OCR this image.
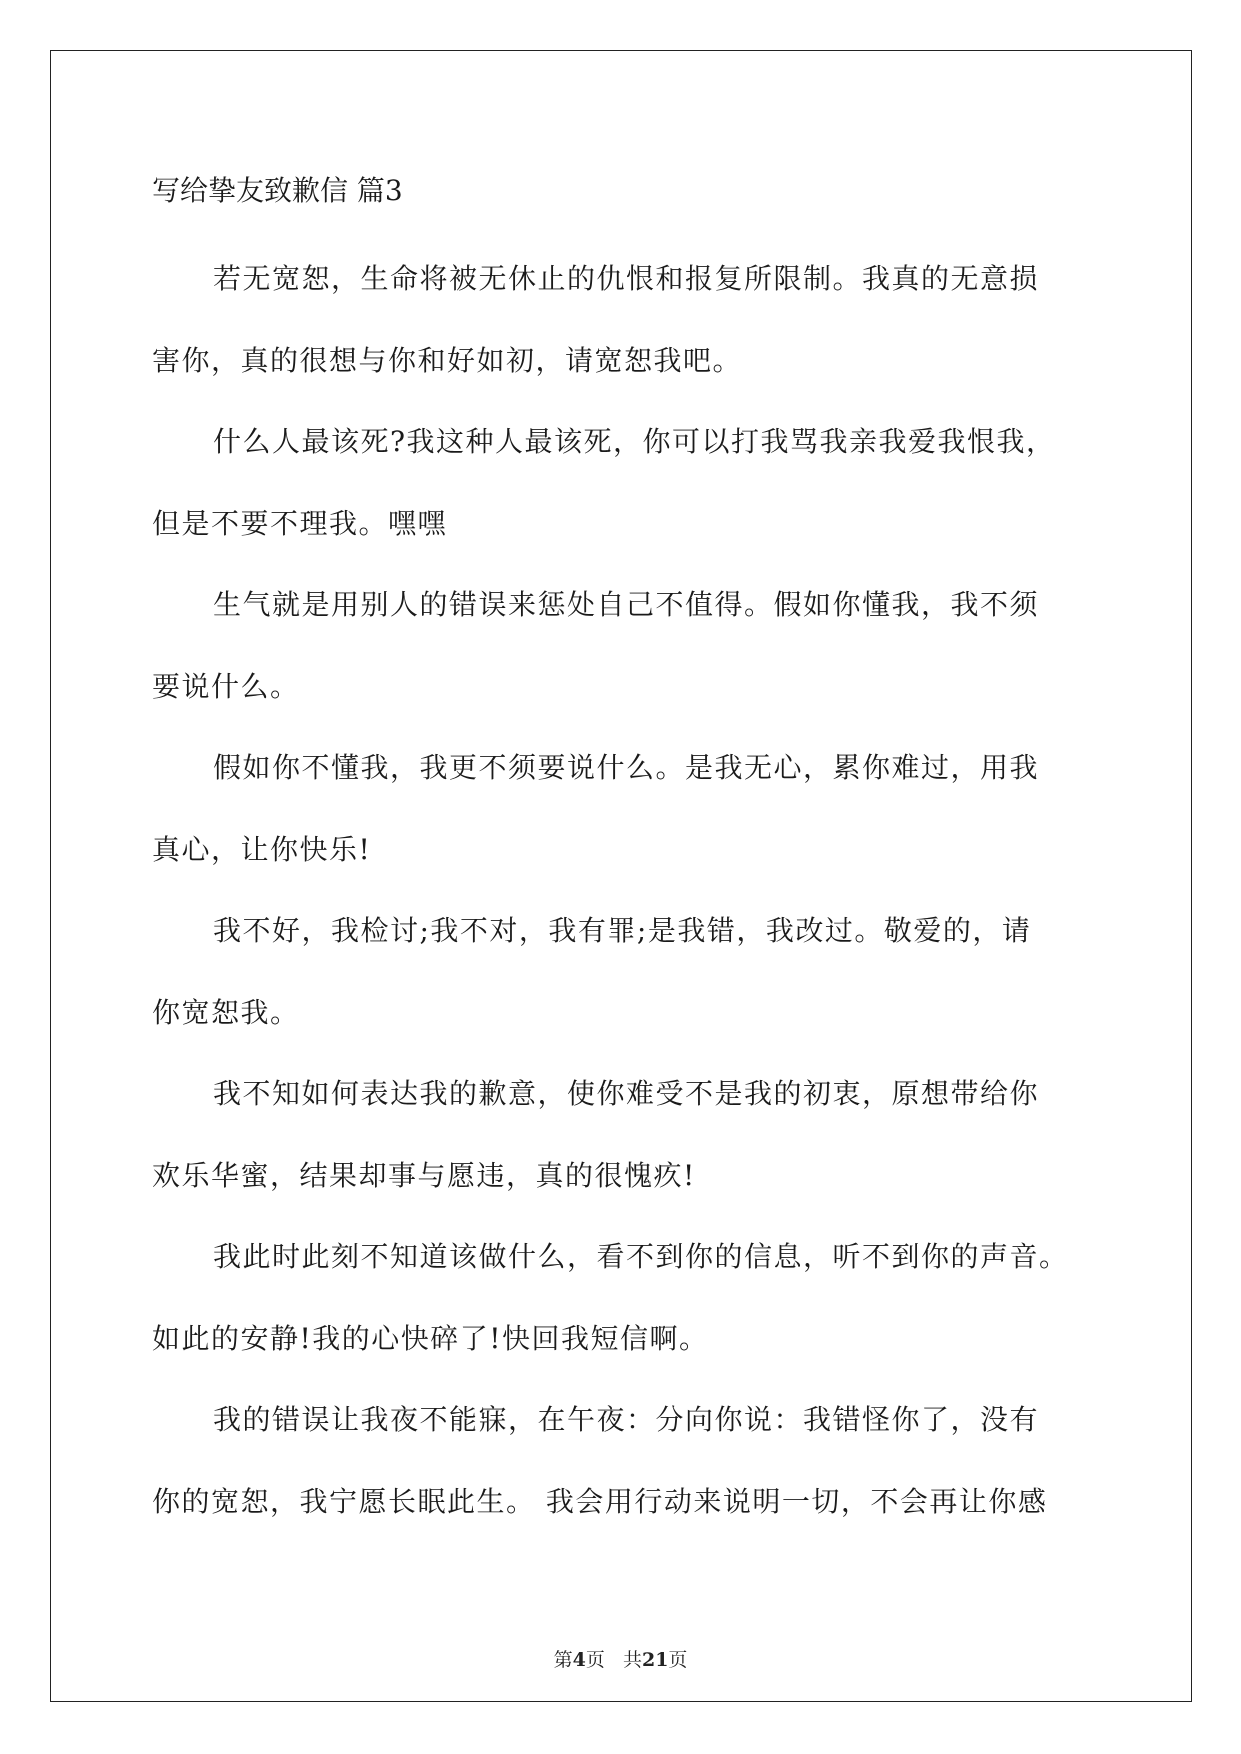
写给挚友致歉信 篇3
若无宽恕，生命将被无休止的仇恨和报复所限制。我真的无意损
害你，真的很想与你和好如初，请宽恕我吧。
什么人最该死?我这种人最该死，你可以打我骂我亲我爱我恨我，
但是不要不理我。嘿嘿
生气就是用别人的错误来惩处自己不值得。假如你懂我，我不须
要说什么。
假如你不懂我，我更不须要说什么。是我无心，累你难过，用我
真心，让你快乐!
我不好，我检讨;我不对，我有罪;是我错，我改过。敬爱的，请
你宽恕我。
我不知如何表达我的歉意，使你难受不是我的初衷，原想带给你
欢乐华蜜，结果却事与愿违，真的很愧疚!
我此时此刻不知道该做什么，看不到你的信息，听不到你的声音。
如此的安静!我的心快碎了!快回我短信啊。
我的错误让我夜不能寐，在午夜：分向你说：我错怪你了，没有
你的宽恕，我宁愿长眠此生。 我会用行动来说明一切，不会再让你感
第4页 共21页
